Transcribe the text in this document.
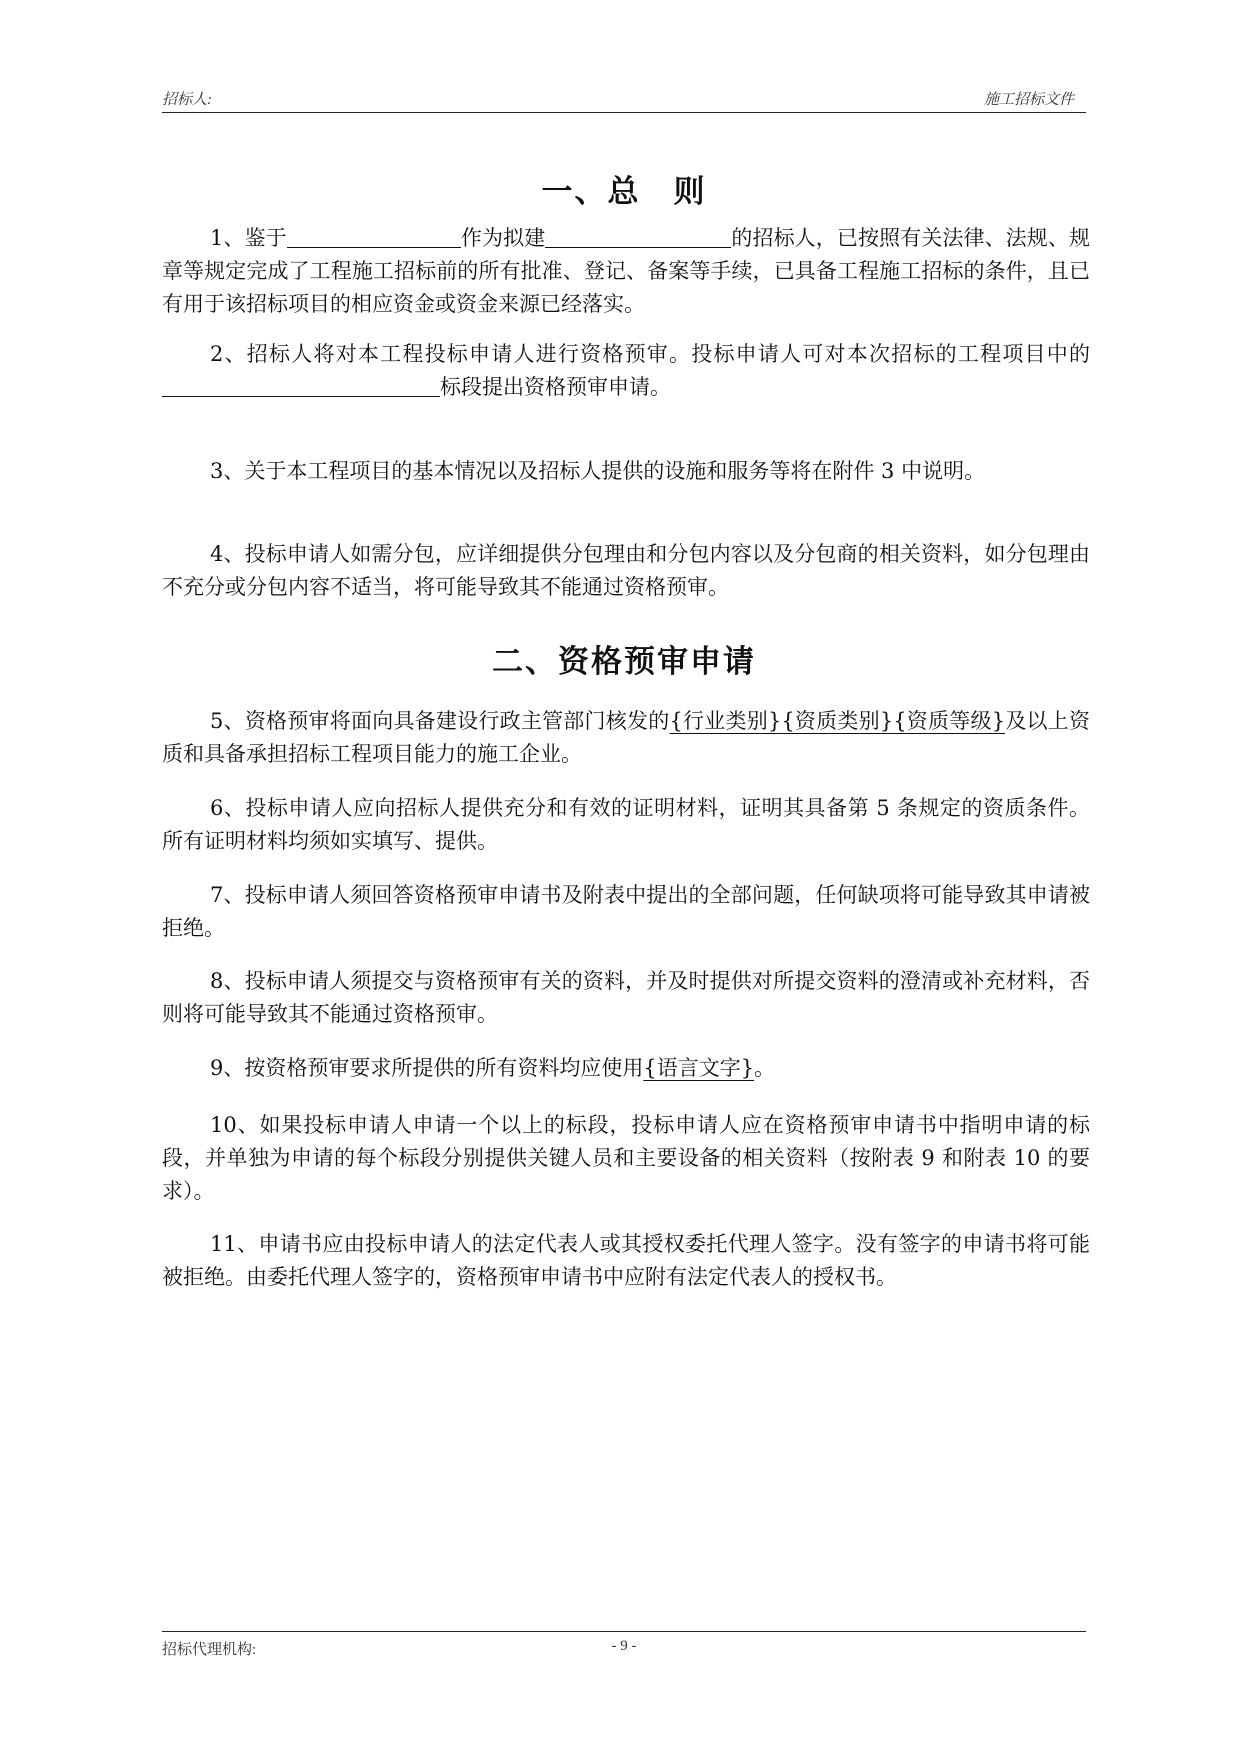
招标人:	施工招标文件
一、总　则

1、鉴于	作为拟建	的招标人，已按照有关法律、法规、规章等规定完成了工程施工招标前的所有批准、登记、备案等手续，已具备工程施工招标的条件，且已有用于该招标项目的相应资金或资金来源已经落实。

2、招标人将对本工程投标申请人进行资格预审。投标申请人可对本次招标的工程项目中的标段提出资格预审申请。

3、关于本工程项目的基本情况以及招标人提供的设施和服务等将在附件 3 中说明。

4、投标申请人如需分包，应详细提供分包理由和分包内容以及分包商的相关资料，如分包理由不充分或分包内容不适当，将可能导致其不能通过资格预审。

二、资格预审申请

5、资格预审将面向具备建设行政主管部门核发的{行业类别}{资质类别}{资质等级}及以上资质和具备承担招标工程项目能力的施工企业。

6、投标申请人应向招标人提供充分和有效的证明材料，证明其具备第 5 条规定的资质条件。所有证明材料均须如实填写、提供。

7、投标申请人须回答资格预审申请书及附表中提出的全部问题，任何缺项将可能导致其申请被拒绝。

8、投标申请人须提交与资格预审有关的资料，并及时提供对所提交资料的澄清或补充材料，否则将可能导致其不能通过资格预审。

9、按资格预审要求所提供的所有资料均应使用{语言文字}。

10、如果投标申请人申请一个以上的标段，投标申请人应在资格预审申请书中指明申请的标段，并单独为申请的每个标段分别提供关键人员和主要设备的相关资料（按附表 9 和附表 10 的要求）。

11、申请书应由投标申请人的法定代表人或其授权委托代理人签字。没有签字的申请书将可能被拒绝。由委托代理人签字的，资格预审申请书中应附有法定代表人的授权书。

招标代理机构:	- 9 -
